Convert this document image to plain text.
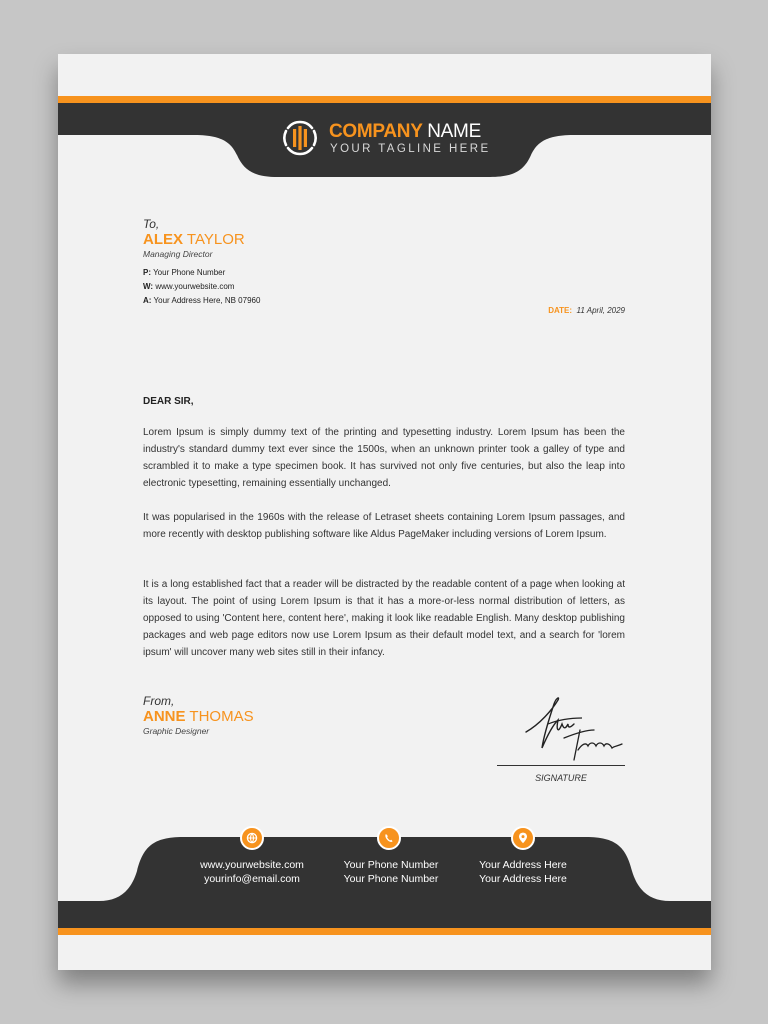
COMPANY NAME
YOUR TAGLINE HERE
To,
ALEX TAYLOR
Managing Director
P: Your Phone Number
W: www.yourwebsite.com
A: Your Address Here, NB 07960
DATE: 11 April, 2029
DEAR SIR,

Lorem Ipsum is simply dummy text of the printing and typesetting industry. Lorem Ipsum has been the industry's standard dummy text ever since the 1500s, when an unknown printer took a galley of type and scrambled it to make a type specimen book. It has survived not only five centuries, but also the leap into electronic typesetting, remaining essentially unchanged.

It was popularised in the 1960s with the release of Letraset sheets containing Lorem Ipsum passages, and more recently with desktop publishing software like Aldus PageMaker including versions of Lorem Ipsum.

It is a long established fact that a reader will be distracted by the readable content of a page when looking at its layout. The point of using Lorem Ipsum is that it has a more-or-less normal distribution of letters, as opposed to using 'Content here, content here', making it look like readable English. Many desktop publishing packages and web page editors now use Lorem Ipsum as their default model text, and a search for 'lorem ipsum' will uncover many web sites still in their infancy.

From,
ANNE THOMAS
Graphic Designer
SIGNATURE
www.yourwebsite.com
yourinfo@email.com
Your Phone Number
Your Phone Number
Your Address Here
Your Address Here
